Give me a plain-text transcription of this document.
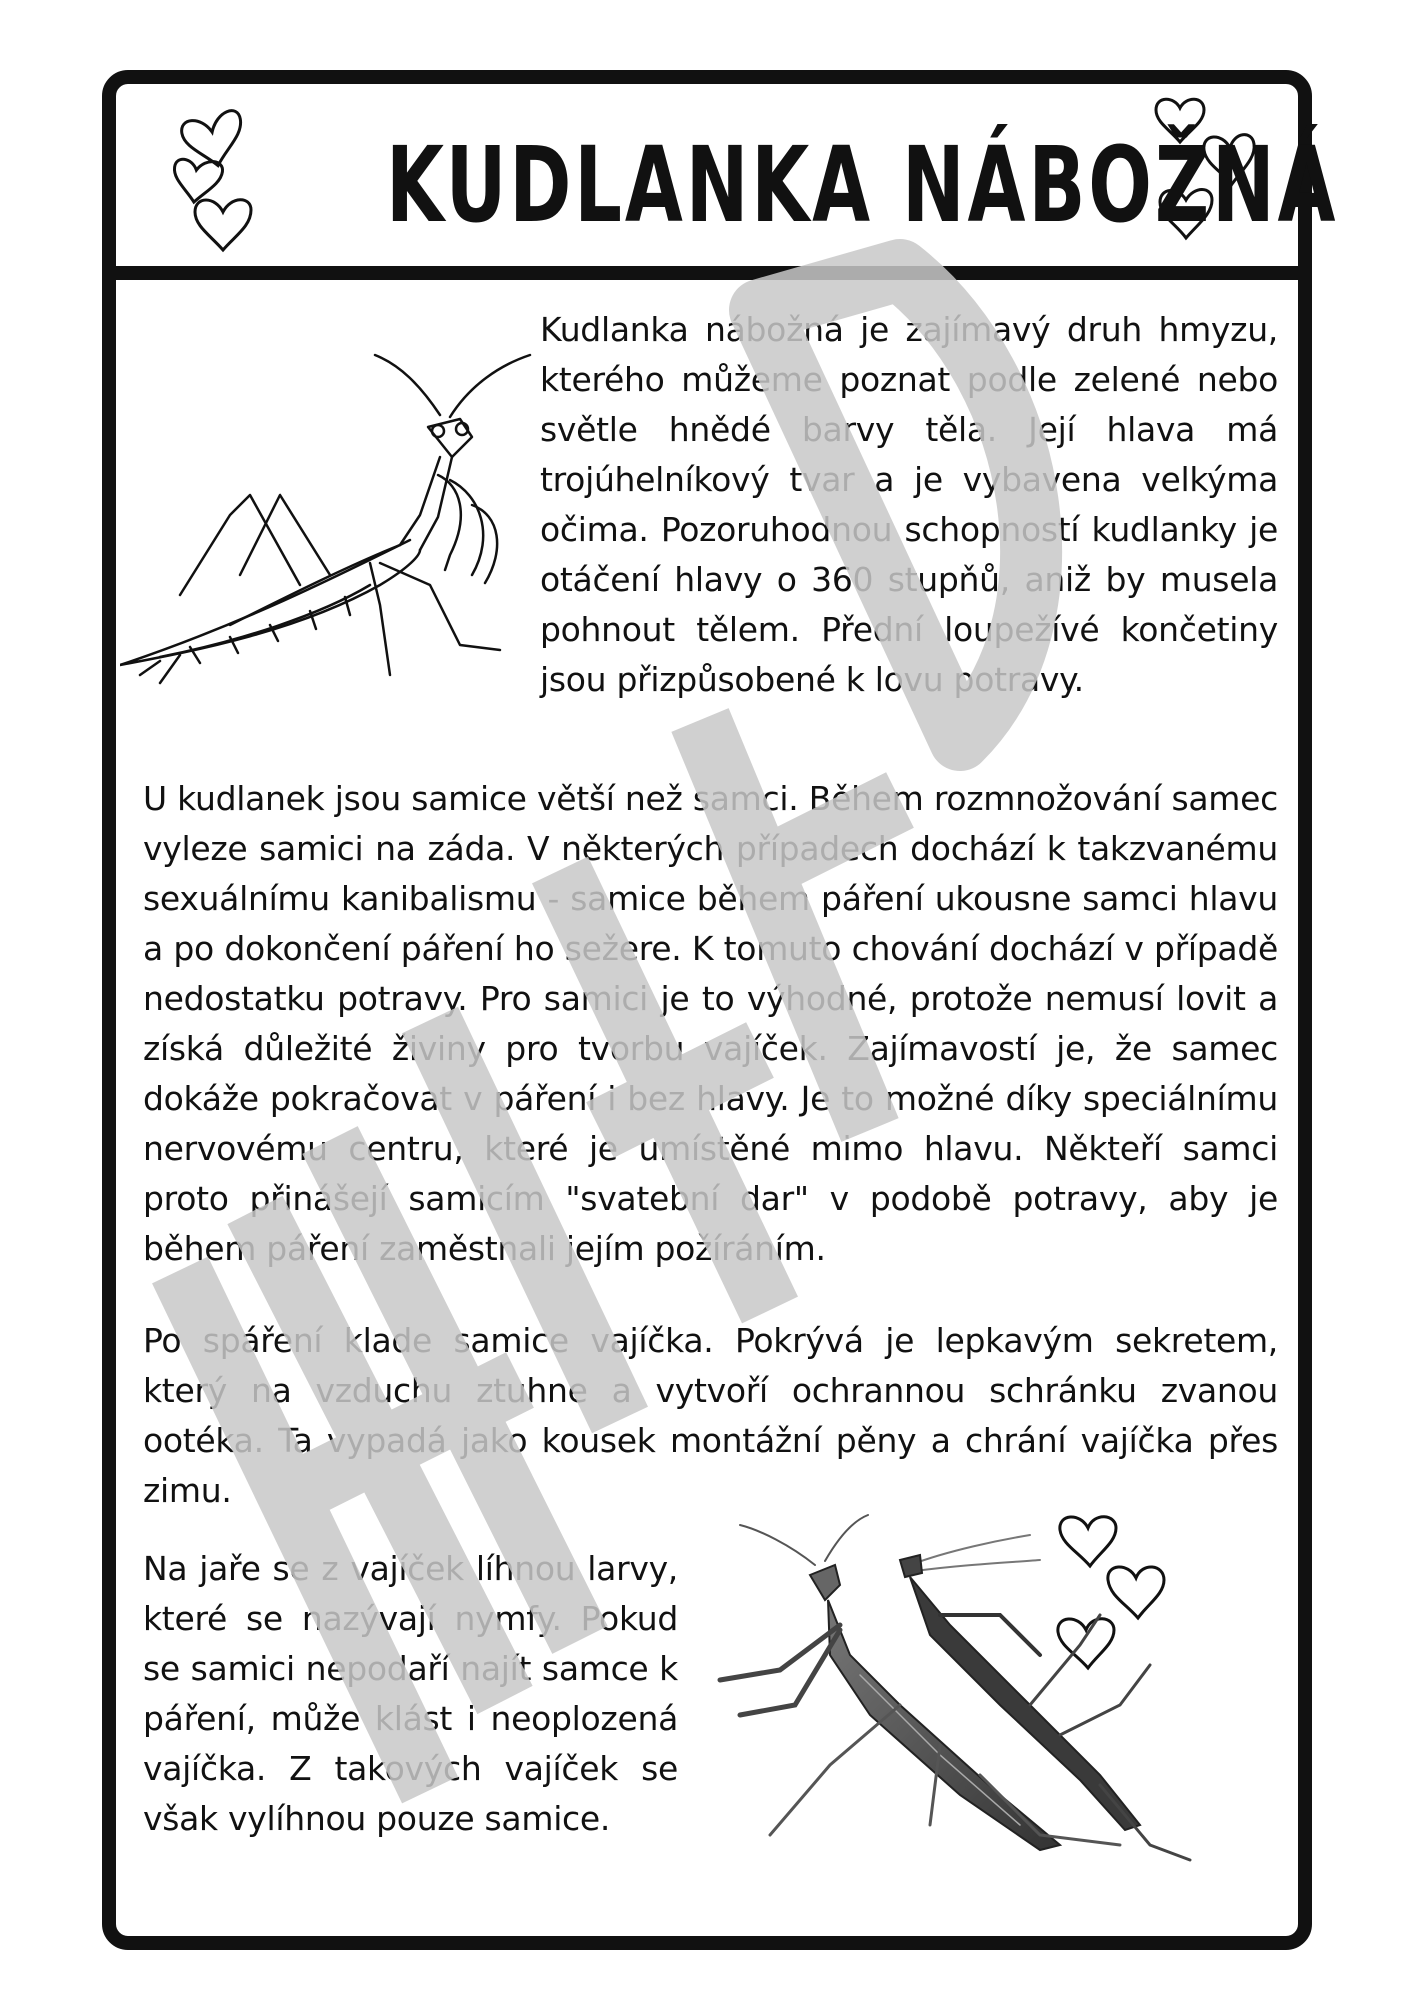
KUDLANKA NÁBOŽNÁ

Kudlanka nábožná je zajímavý druh hmyzu, kterého můžeme poznat podle zelené nebo světle hnědé barvy těla. Její hlava má trojúhelníkový tvar a je vybavena velkýma očima. Pozoruhodnou schopností kudlanky je otáčení hlavy o 360 stupňů, aniž by musela pohnout tělem. Přední loupežívé končetiny jsou přizpůsobené k lovu potravy.

U kudlanek jsou samice větší než samci. Během rozmnožování samec vyleze samici na záda. V některých případech dochází k takzvanému sexuálnímu kanibalismu - samice během páření ukousne samci hlavu a po dokončení páření ho sežere. K tomuto chování dochází v případě nedostatku potravy. Pro samici je to výhodné, protože nemusí lovit a získá důležité živiny pro tvorbu vajíček. Zajímavostí je, že samec dokáže pokračovat v páření i bez hlavy. Je to možné díky speciálnímu nervovému centru, které je umístěné mimo hlavu. Někteří samci proto přinášejí samicím "svatební dar" v podobě potravy, aby je během páření zaměstnali jejím požíráním.

Po spáření klade samice vajíčka. Pokrývá je lepkavým sekretem, který na vzduchu ztuhne a vytvoří ochrannou schránku zvanou ootéka. Ta vypadá jako kousek montážní pěny a chrání vajíčka přes zimu.

Na jaře se z vajíček líhnou larvy, které se nazývají nymfy. Pokud se samici nepodaří najít samce k páření, může klást i neoplozená vajíčka. Z takových vajíček se však vylíhnou pouze samice.
